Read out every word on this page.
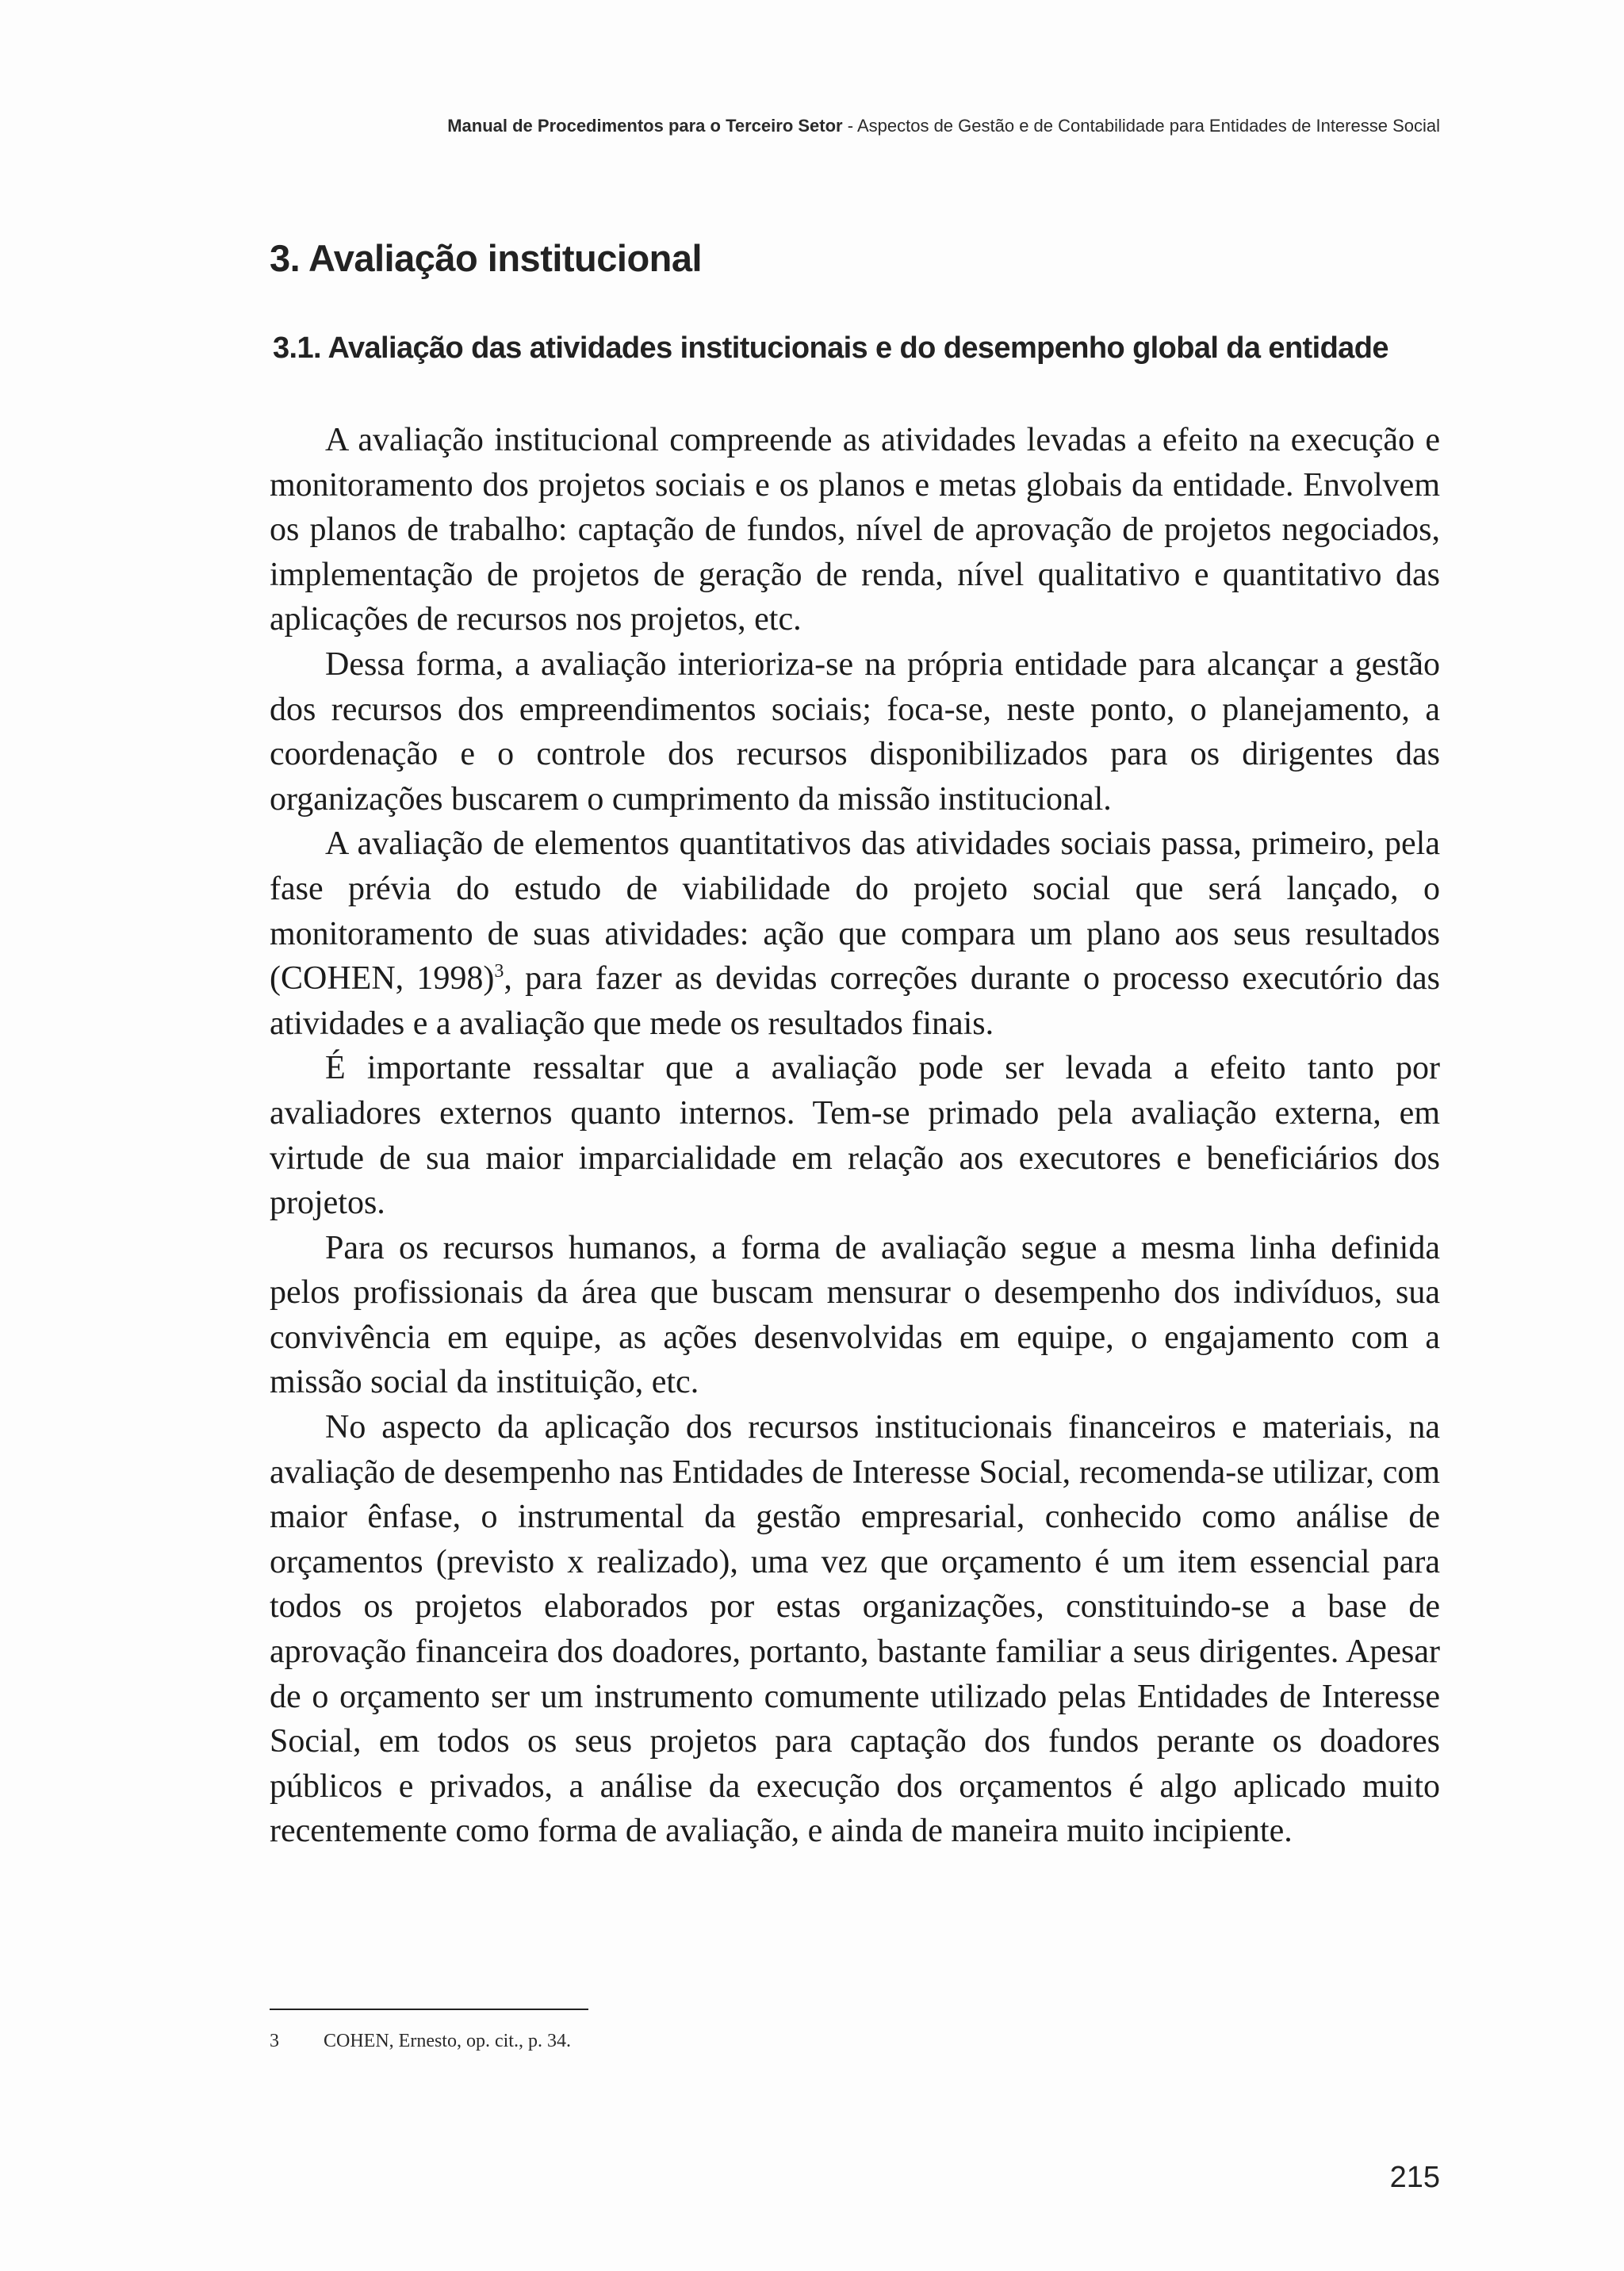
Manual de Procedimentos para o Terceiro Setor - Aspectos de Gestão e de Contabilidade para Entidades de Interesse Social
3. Avaliação institucional
3.1. Avaliação das atividades institucionais e do desempenho global da entidade

A avaliação institucional compreende as atividades levadas a efeito na execução e monitoramento dos projetos sociais e os planos e metas globais da entidade. Envolvem os planos de trabalho: captação de fundos, nível de aprovação de projetos negociados, implementação de projetos de geração de renda, nível qualitativo e quantitativo das aplicações de recursos nos projetos, etc.

Dessa forma, a avaliação interioriza-se na própria entidade para alcançar a gestão dos recursos dos empreendimentos sociais; foca-se, neste ponto, o planejamento, a coordenação e o controle dos recursos disponibilizados para os dirigentes das organizações buscarem o cumprimento da missão institucional.

A avaliação de elementos quantitativos das atividades sociais passa, primeiro, pela fase prévia do estudo de viabilidade do projeto social que será lançado, o monitoramento de suas atividades: ação que compara um plano aos seus resultados (COHEN, 1998)$^3$, para fazer as devidas correções durante o processo executório das atividades e a avaliação que mede os resultados finais.

É importante ressaltar que a avaliação pode ser levada a efeito tanto por avaliadores externos quanto internos. Tem-se primado pela avaliação externa, em virtude de sua maior imparcialidade em relação aos executores e beneficiários dos projetos.

Para os recursos humanos, a forma de avaliação segue a mesma linha definida pelos profissionais da área que buscam mensurar o desempenho dos indivíduos, sua convivência em equipe, as ações desenvolvidas em equipe, o engajamento com a missão social da instituição, etc.

No aspecto da aplicação dos recursos institucionais financeiros e materiais, na avaliação de desempenho nas Entidades de Interesse Social, recomenda-se utilizar, com maior ênfase, o instrumental da gestão empresarial, conhecido como análise de orçamentos (previsto x realizado), uma vez que orçamento é um item essencial para todos os projetos elaborados por estas organizações, constituindo-se a base de aprovação financeira dos doadores, portanto, bastante familiar a seus dirigentes. Apesar de o orçamento ser um instrumento comumente utilizado pelas Entidades de Interesse Social, em todos os seus projetos para captação dos fundos perante os doadores públicos e privados, a análise da execução dos orçamentos é algo aplicado muito recentemente como forma de avaliação, e ainda de maneira muito incipiente.

3 COHEN, Ernesto, op. cit., p. 34.
215
